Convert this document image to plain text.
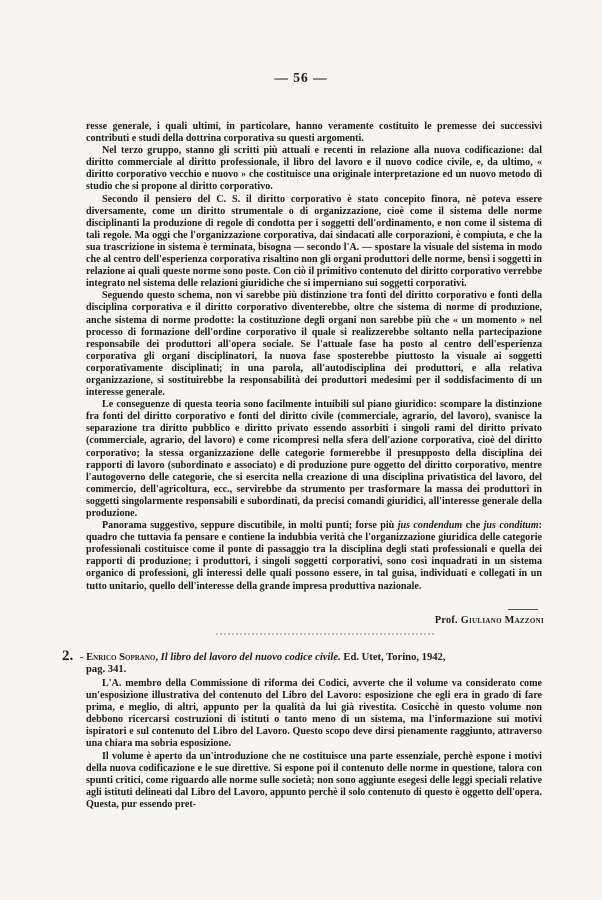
— 56 —

resse generale, i quali ultimi, in particolare, hanno veramente costituito le premesse dei successivi contributi e studi della dottrina corporativa su questi argomenti.

Nel terzo gruppo, stanno gli scritti più attuali e recenti in relazione alla nuova codificazione: dal diritto commerciale al diritto professionale, il libro del lavoro e il nuovo codice civile, e, da ultimo, « diritto corporativo vecchio e nuovo » che costituisce una originale interpretazione ed un nuovo metodo di studio che si propone al diritto corporativo.

Secondo il pensiero del C. S. il diritto corporativo è stato concepito finora, nè poteva essere diversamente, come un diritto strumentale o di organizzazione, cioè come il sistema delle norme disciplinanti la produzione di regole di condotta per i soggetti dell'ordinamento, e non come il sistema di tali regole. Ma oggi che l'organizzazione corporativa, dai sindacati alle corporazioni, è compiuta, e che la sua trascrizione in sistema è terminata, bisogna — secondo l'A. — spostare la visuale del sistema in modo che al centro dell'esperienza corporativa risaltino non gli organi produttori delle norme, bensì i soggetti in relazione ai quali queste norme sono poste. Con ciò il primitivo contenuto del diritto corporativo verrebbe integrato nel sistema delle relazioni giuridiche che si imperniano sui soggetti corporativi.

Seguendo questo schema, non vi sarebbe più distinzione tra fonti del diritto corporativo e fonti della disciplina corporativa e il diritto corporativo diventerebbe, oltre che sistema di norme di produzione, anche sistema di norme prodotte: la costituzione degli organi non sarebbe più che « un momento » nel processo di formazione dell'ordine corporativo il quale si realizzerebbe soltanto nella partecipazione responsabile dei produttori all'opera sociale. Se l'attuale fase ha posto al centro dell'esperienza corporativa gli organi disciplinatori, la nuova fase sposterebbe piuttosto la visuale ai soggetti corporativamente disciplinati; in una parola, all'autodisciplina dei produttori, e alla relativa organizzazione, si sostituirebbe la responsabilità dei produttori medesimi per il soddisfacimento di un interesse generale.

Le conseguenze di questa teoria sono facilmente intuibili sul piano giuridico: scompare la distinzione fra fonti del diritto corporativo e fonti del diritto civile (commerciale, agrario, del lavoro), svanisce la separazione tra diritto pubblico e diritto privato essendo assorbiti i singoli rami del diritto privato (commerciale, agrario, del lavoro) e come ricompresi nella sfera dell'azione corporativa, cioè del diritto corporativo; la stessa organizzazione delle categorie formerebbe il presupposto della disciplina dei rapporti di lavoro (subordinato e associato) e di produzione pure oggetto del diritto corporativo, mentre l'autogoverno delle categorie, che si esercita nella creazione di una disciplina privatistica del lavoro, del commercio, dell'agricoltura, ecc., servirebbe da strumento per trasformare la massa dei produttori in soggetti singolarmente responsabili e subordinati, da precisi comandi giuridici, all'interesse generale della produzione.

Panorama suggestivo, seppure discutibile, in molti punti; forse più jus condendum che jus conditum: quadro che tuttavia fa pensare e contiene la indubbia verità che l'organizzazione giuridica delle categorie professionali costituisce come il ponte di passaggio tra la disciplina degli stati professionali e quella dei rapporti di produzione; i produttori, i singoli soggetti corporativi, sono così inquadrati in un sistema organico di professioni, gli interessi delle quali possono essere, in tal guisa, individuati e collegati in un tutto unitario, quello dell'interesse della grande impresa produttiva nazionale.

Prof. Giuliano Mazzoni
2. - Enrico Soprano, Il libro del lavoro del nuovo codice civile. Ed. Utet, Torino, 1942,
pag. 341.

L'A. membro della Commissione di riforma dei Codici, avverte che il volume va considerato come un'esposizione illustrativa del contenuto del Libro del Lavoro: esposizione che egli era in grado di fare prima, e meglio, di altri, appunto per la qualità da lui già rivestita. Cosicchè in questo volume non debbono ricercarsi costruzioni di istituti o tanto meno di un sistema, ma l'informazione sui motivi ispiratori e sul contenuto del Libro del Lavoro. Questo scopo deve dirsi pienamente raggiunto, attraverso una chiara ma sobria esposizione.

Il volume è aperto da un'introduzione che ne costituisce una parte essenziale, perchè espone i motivi della nuova codificazione e le sue direttive. Si espone poi il contenuto delle norme in questione, talora con spunti critici, come riguardo alle norme sulle società; non sono aggiunte esegesi delle leggi speciali relative agli istituti delineati dal Libro del Lavoro, appunto perchè il solo contenuto di questo è oggetto dell'opera. Questa, pur essendo pret-
